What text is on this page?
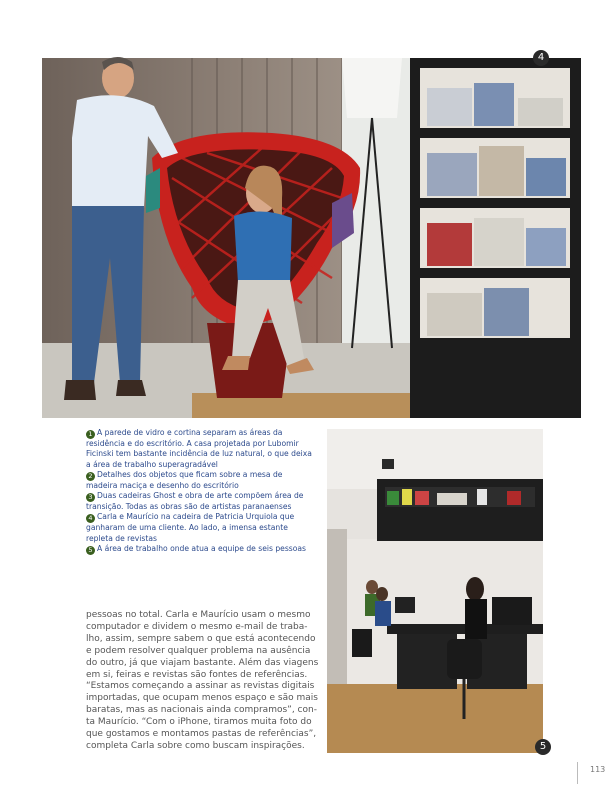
4

1 A parede de vidro e cortina separam as áreas da residência e do escritório. A casa projetada por Lubomir Ficinski tem bastante incidência de luz natural, o que deixa a área de trabalho superagradável

2 Detalhes dos objetos que ficam sobre a mesa de madeira maciça e desenho do escritório

3 Duas cadeiras Ghost e obra de arte compõem área de transição. Todas as obras são de artistas paranaenses

4 Carla e Maurício na cadeira de Patricia Urquiola que ganharam de uma cliente. Ao lado, a imensa estante repleta de revistas

5 A área de trabalho onde atua a equipe de seis pessoas

5
pessoas no total. Carla e Maurício usam o mesmo
computador e dividem o mesmo e-mail de traba-
lho, assim, sempre sabem o que está acontecendo
e podem resolver qualquer problema na ausência
do outro, já que viajam bastante. Além das viagens
em si, feiras e revistas são fontes de referências.
“Estamos começando a assinar as revistas digitais
importadas, que ocupam menos espaço e são mais
baratas, mas as nacionais ainda compramos”, con-
ta Maurício. “Com o iPhone, tiramos muita foto do
que gostamos e montamos pastas de referências”,
completa Carla sobre como buscam inspirações.
113
